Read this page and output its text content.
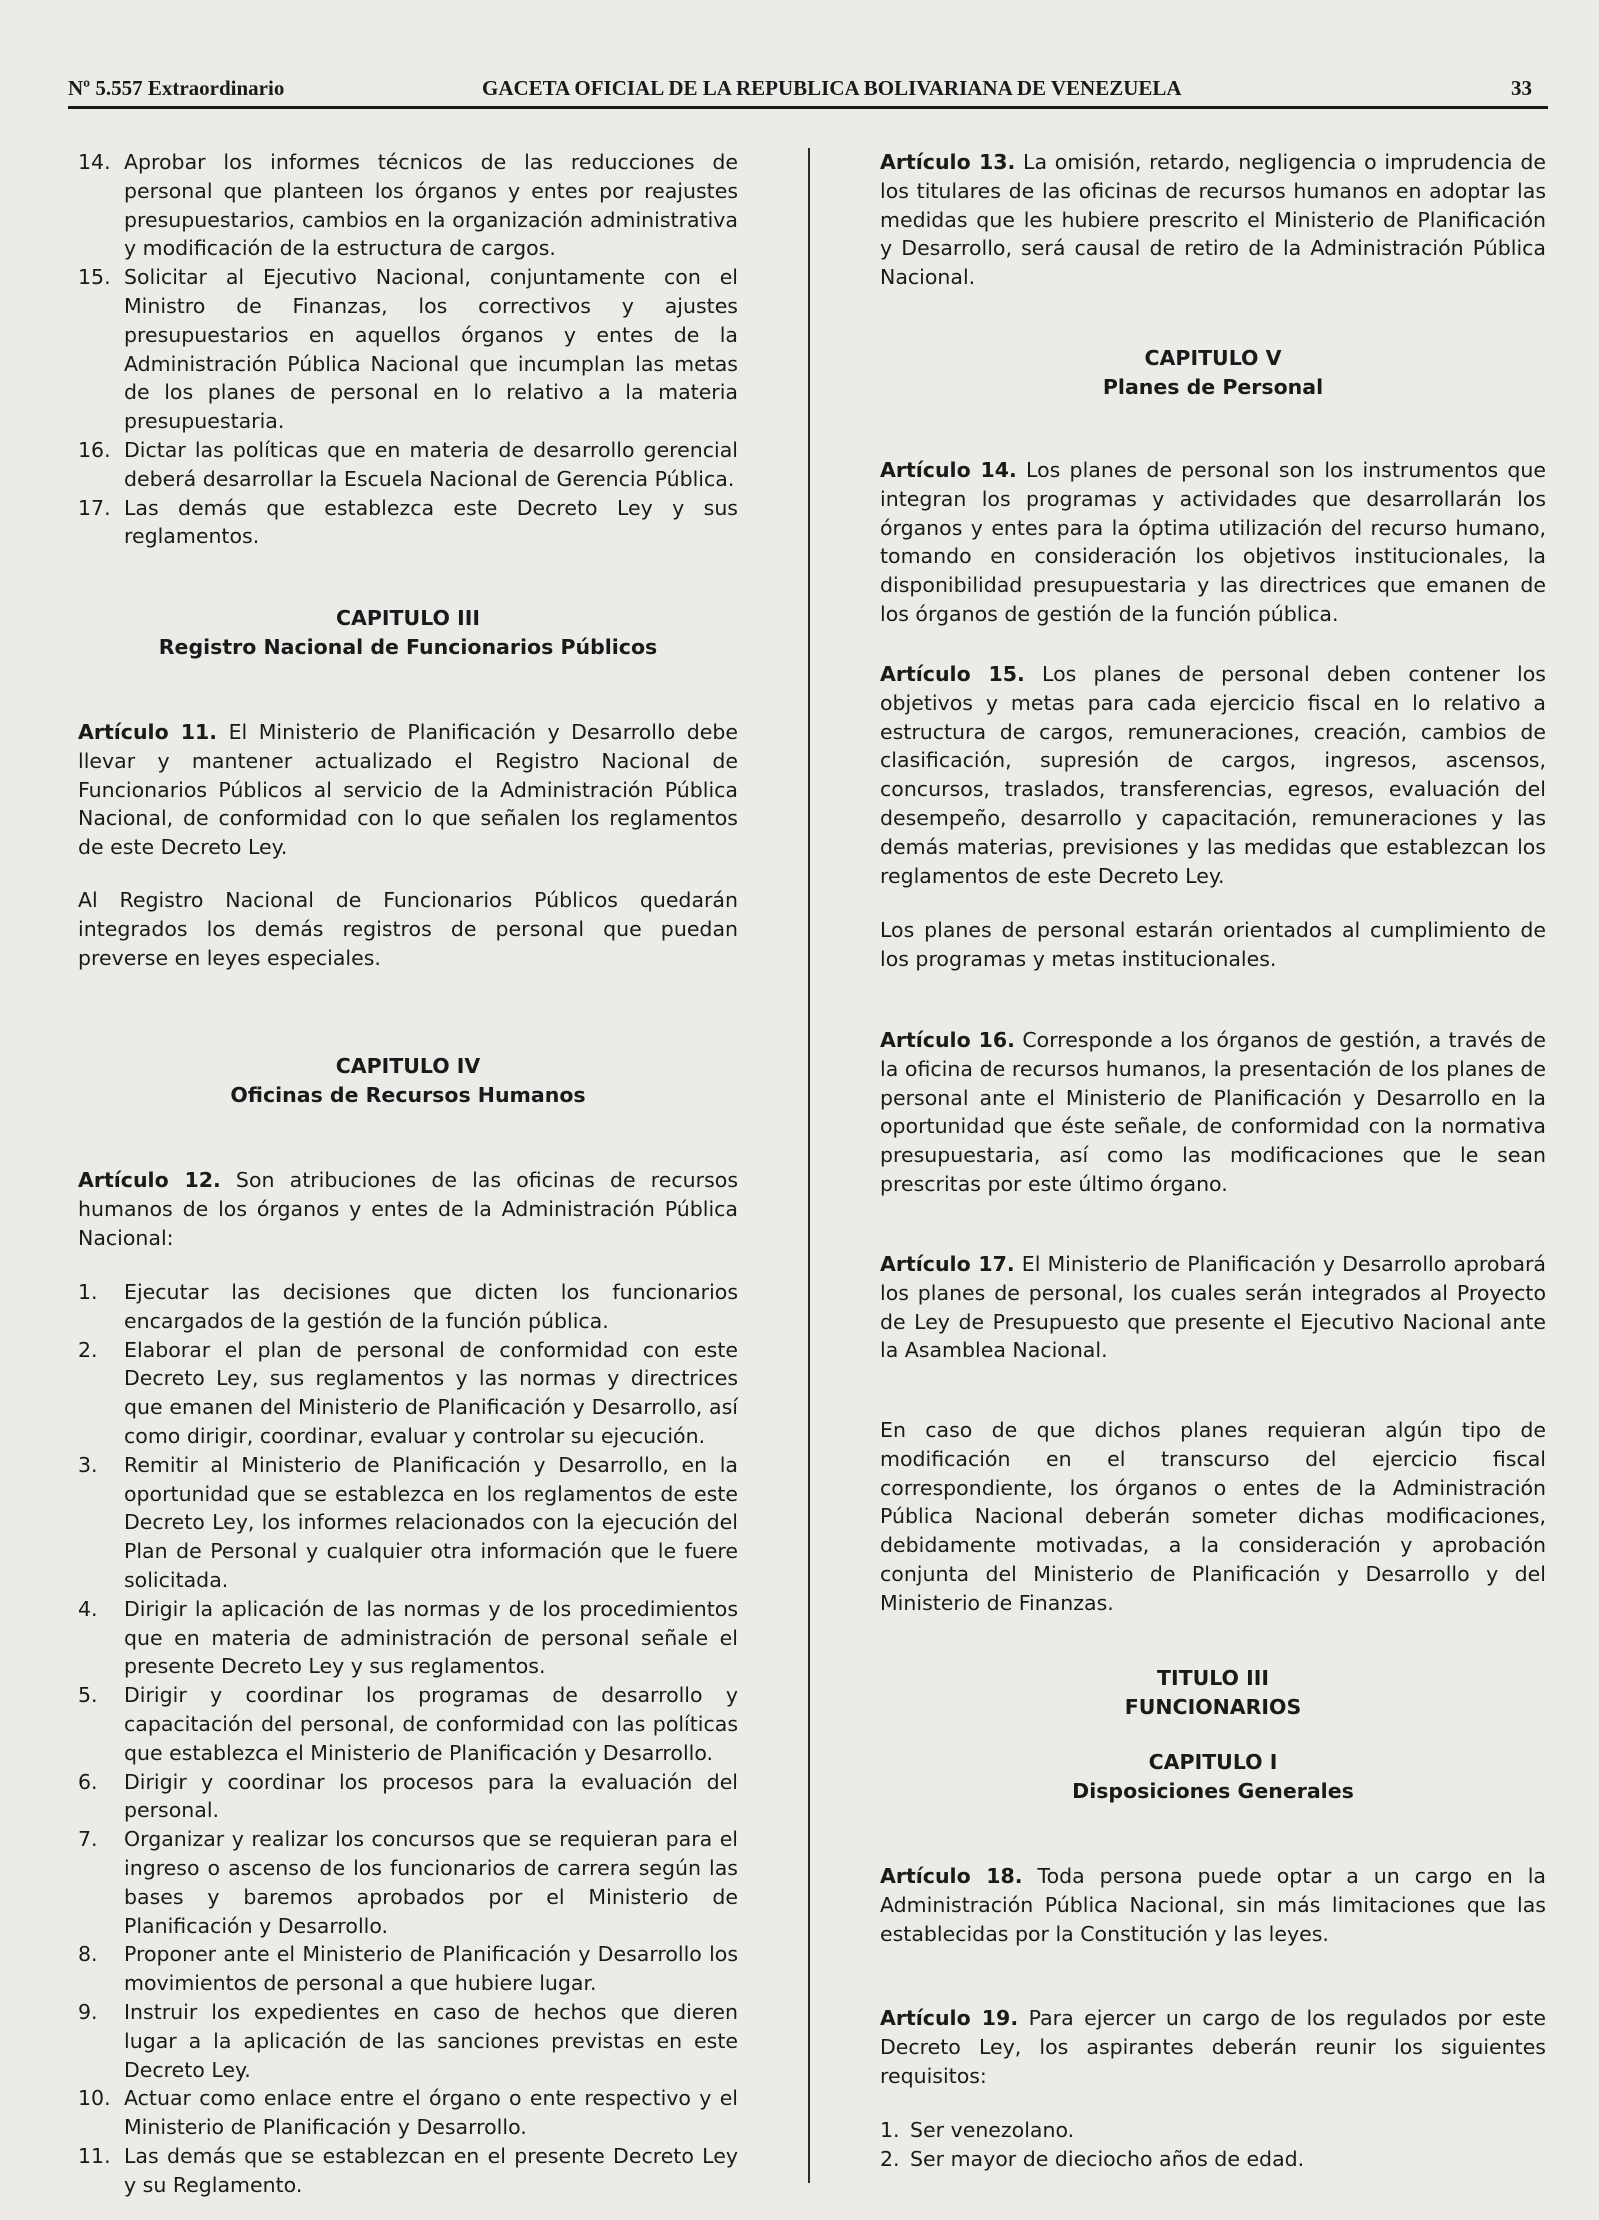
Nº 5.557 Extraordinario	GACETA OFICIAL DE LA REPUBLICA BOLIVARIANA DE VENEZUELA	33
14. Aprobar los informes técnicos de las reducciones de personal que planteen los órganos y entes por reajustes presupuestarios, cambios en la organización administrativa y modificación de la estructura de cargos.
15. Solicitar al Ejecutivo Nacional, conjuntamente con el Ministro de Finanzas, los correctivos y ajustes presupuestarios en aquellos órganos y entes de la Administración Pública Nacional que incumplan las metas de los planes de personal en lo relativo a la materia presupuestaria.
16. Dictar las políticas que en materia de desarrollo gerencial deberá desarrollar la Escuela Nacional de Gerencia Pública.
17. Las demás que establezca este Decreto Ley y sus reglamentos.
CAPITULO III
Registro Nacional de Funcionarios Públicos

Artículo 11. El Ministerio de Planificación y Desarrollo debe llevar y mantener actualizado el Registro Nacional de Funcionarios Públicos al servicio de la Administración Pública Nacional, de conformidad con lo que señalen los reglamentos de este Decreto Ley.

Al Registro Nacional de Funcionarios Públicos quedarán integrados los demás registros de personal que puedan preverse en leyes especiales.

CAPITULO IV
Oficinas de Recursos Humanos

Artículo 12. Son atribuciones de las oficinas de recursos humanos de los órganos y entes de la Administración Pública Nacional:

1. Ejecutar las decisiones que dicten los funcionarios encargados de la gestión de la función pública.
2. Elaborar el plan de personal de conformidad con este Decreto Ley, sus reglamentos y las normas y directrices que emanen del Ministerio de Planificación y Desarrollo, así como dirigir, coordinar, evaluar y controlar su ejecución.
3. Remitir al Ministerio de Planificación y Desarrollo, en la oportunidad que se establezca en los reglamentos de este Decreto Ley, los informes relacionados con la ejecución del Plan de Personal y cualquier otra información que le fuere solicitada.
4. Dirigir la aplicación de las normas y de los procedimientos que en materia de administración de personal señale el presente Decreto Ley y sus reglamentos.
5. Dirigir y coordinar los programas de desarrollo y capacitación del personal, de conformidad con las políticas que establezca el Ministerio de Planificación y Desarrollo.
6. Dirigir y coordinar los procesos para la evaluación del personal.
7. Organizar y realizar los concursos que se requieran para el ingreso o ascenso de los funcionarios de carrera según las bases y baremos aprobados por el Ministerio de Planificación y Desarrollo.
8. Proponer ante el Ministerio de Planificación y Desarrollo los movimientos de personal a que hubiere lugar.
9. Instruir los expedientes en caso de hechos que dieren lugar a la aplicación de las sanciones previstas en este Decreto Ley.
10. Actuar como enlace entre el órgano o ente respectivo y el Ministerio de Planificación y Desarrollo.
11. Las demás que se establezcan en el presente Decreto Ley y su Reglamento.

Artículo 13. La omisión, retardo, negligencia o imprudencia de los titulares de las oficinas de recursos humanos en adoptar las medidas que les hubiere prescrito el Ministerio de Planificación y Desarrollo, será causal de retiro de la Administración Pública Nacional.

CAPITULO V
Planes de Personal

Artículo 14. Los planes de personal son los instrumentos que integran los programas y actividades que desarrollarán los órganos y entes para la óptima utilización del recurso humano, tomando en consideración los objetivos institucionales, la disponibilidad presupuestaria y las directrices que emanen de los órganos de gestión de la función pública.

Artículo 15. Los planes de personal deben contener los objetivos y metas para cada ejercicio fiscal en lo relativo a estructura de cargos, remuneraciones, creación, cambios de clasificación, supresión de cargos, ingresos, ascensos, concursos, traslados, transferencias, egresos, evaluación del desempeño, desarrollo y capacitación, remuneraciones y las demás materias, previsiones y las medidas que establezcan los reglamentos de este Decreto Ley.

Los planes de personal estarán orientados al cumplimiento de los programas y metas institucionales.

Artículo 16. Corresponde a los órganos de gestión, a través de la oficina de recursos humanos, la presentación de los planes de personal ante el Ministerio de Planificación y Desarrollo en la oportunidad que éste señale, de conformidad con la normativa presupuestaria, así como las modificaciones que le sean prescritas por este último órgano.

Artículo 17. El Ministerio de Planificación y Desarrollo aprobará los planes de personal, los cuales serán integrados al Proyecto de Ley de Presupuesto que presente el Ejecutivo Nacional ante la Asamblea Nacional.

En caso de que dichos planes requieran algún tipo de modificación en el transcurso del ejercicio fiscal correspondiente, los órganos o entes de la Administración Pública Nacional deberán someter dichas modificaciones, debidamente motivadas, a la consideración y aprobación conjunta del Ministerio de Planificación y Desarrollo y del Ministerio de Finanzas.

TITULO III
FUNCIONARIOS
CAPITULO I
Disposiciones Generales

Artículo 18. Toda persona puede optar a un cargo en la Administración Pública Nacional, sin más limitaciones que las establecidas por la Constitución y las leyes.

Artículo 19. Para ejercer un cargo de los regulados por este Decreto Ley, los aspirantes deberán reunir los siguientes requisitos:

1. Ser venezolano.
2. Ser mayor de dieciocho años de edad.
